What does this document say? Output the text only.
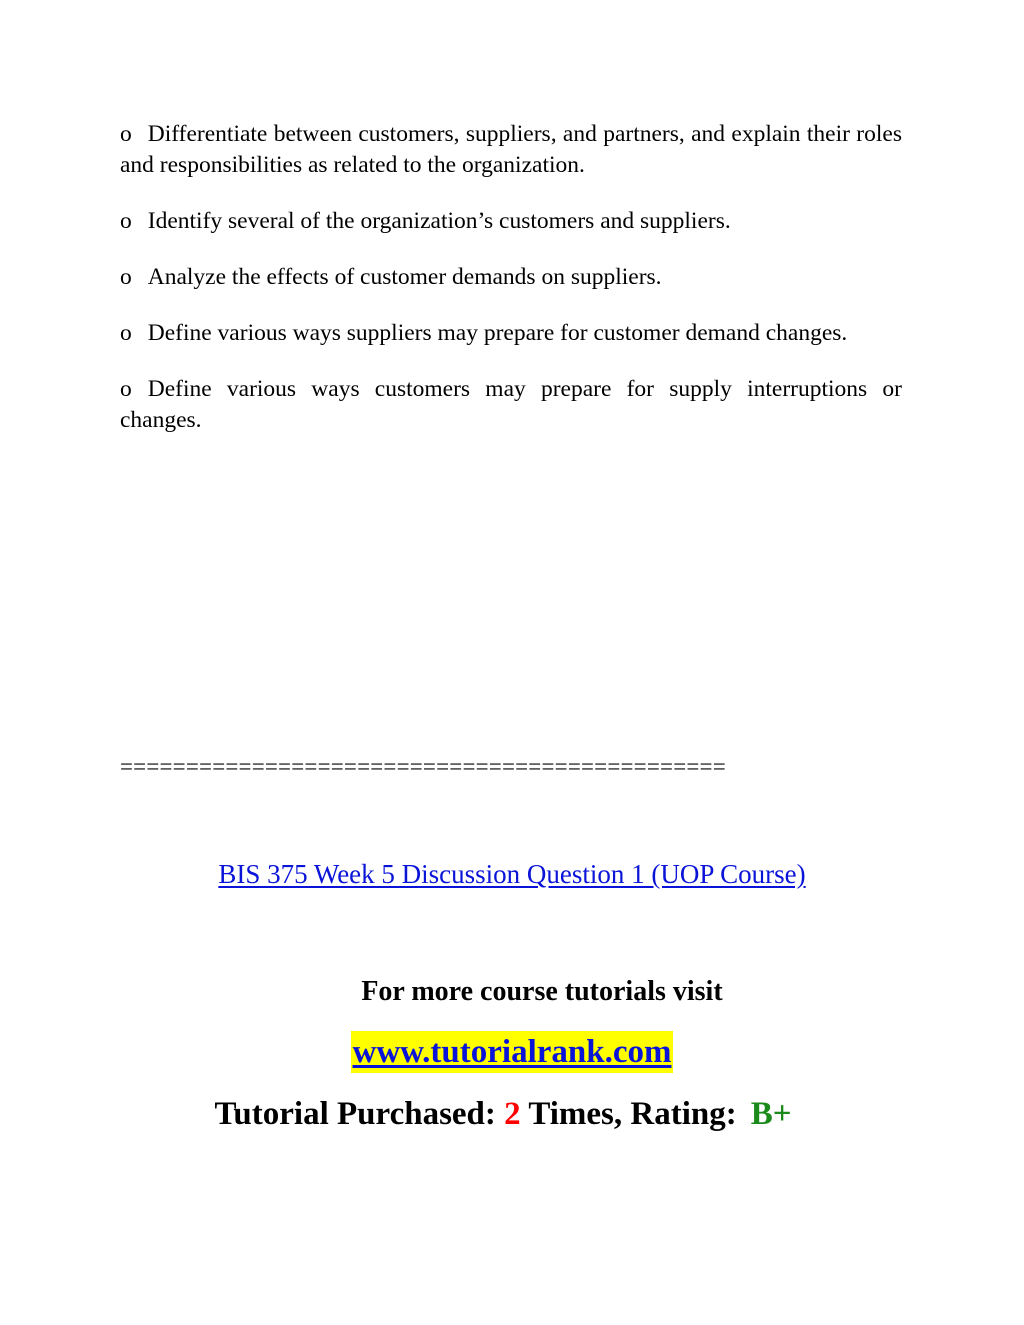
o Differentiate between customers, suppliers, and partners, and explain their roles and responsibilities as related to the organization.

o Identify several of the organization’s customers and suppliers.

o Analyze the effects of customer demands on suppliers.

o Define various ways suppliers may prepare for customer demand changes.

o Define various ways customers may prepare for supply interruptions or changes.

==============================================
BIS 375 Week 5 Discussion Question 1 (UOP Course)
For more course tutorials visit
www.tutorialrank.com
Tutorial Purchased: 2 Times, Rating: B+
